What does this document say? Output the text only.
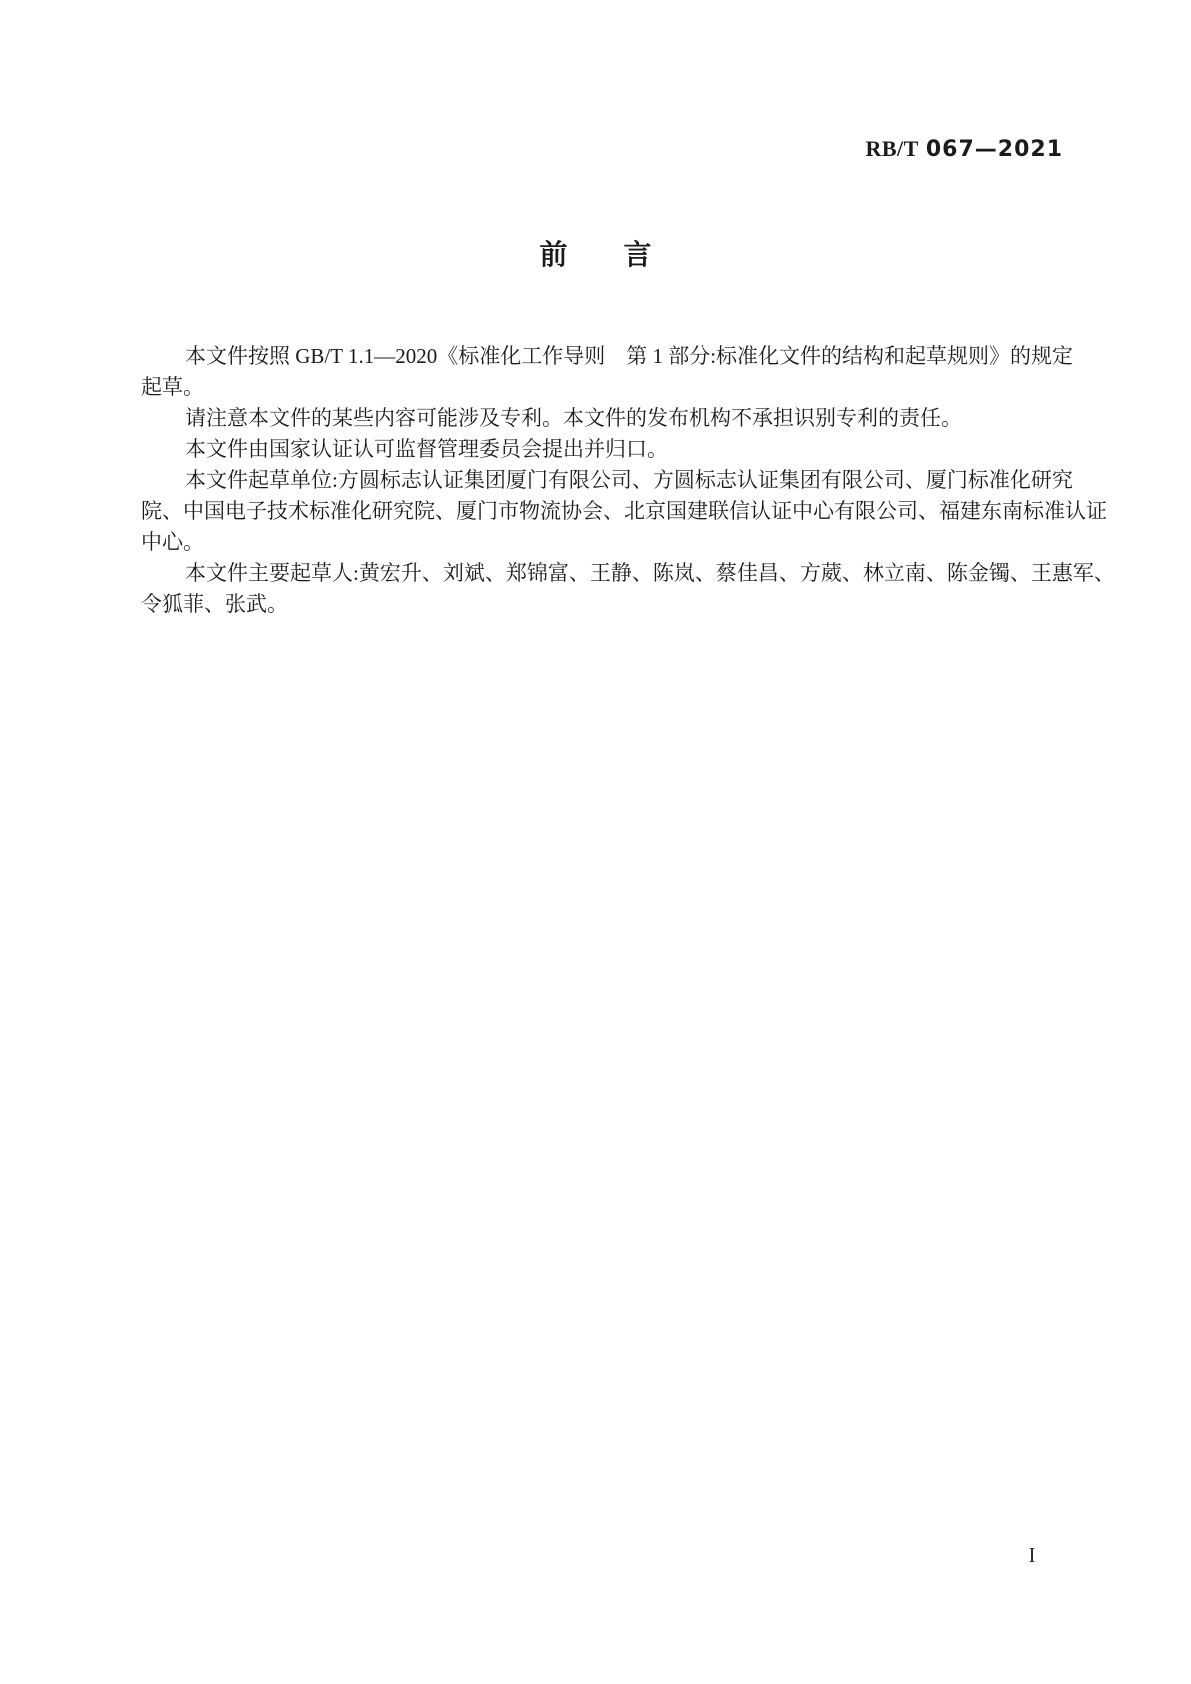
RB/T 067—2021
前　　言

本文件按照 GB/T 1.1—2020《标准化工作导则　第 1 部分:标准化文件的结构和起草规则》的规定

起草。

请注意本文件的某些内容可能涉及专利。本文件的发布机构不承担识别专利的责任。

本文件由国家认证认可监督管理委员会提出并归口。

本文件起草单位:方圆标志认证集团厦门有限公司、方圆标志认证集团有限公司、厦门标准化研究

院、中国电子技术标准化研究院、厦门市物流协会、北京国建联信认证中心有限公司、福建东南标准认证

中心。

本文件主要起草人:黄宏升、刘斌、郑锦富、王静、陈岚、蔡佳昌、方葳、林立南、陈金镯、王惠军、

令狐菲、张武。

I
